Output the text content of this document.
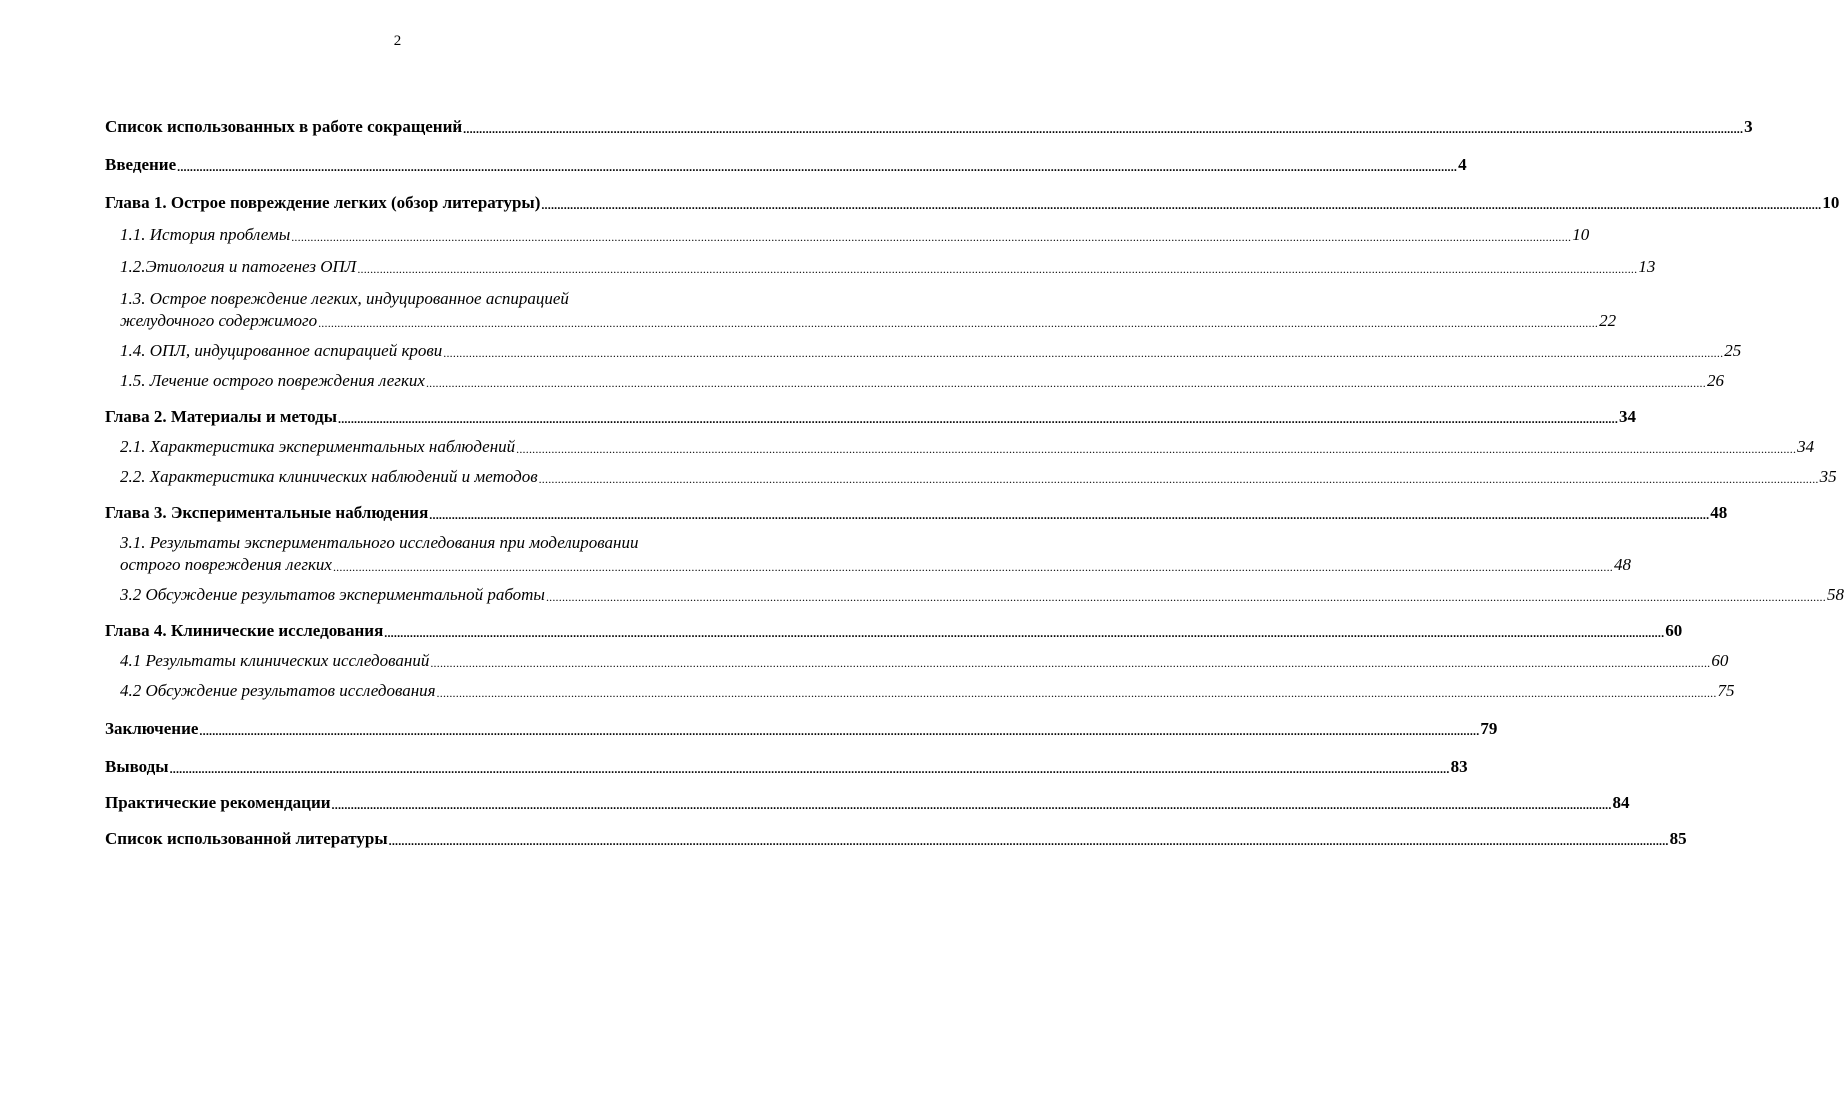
2
Список использованных в работе сокращений ................................................................................................................................................................................................................................................................................................................................................................................................................ 3
Введение ................................................................................................................................................................................................................................................................................................................................................................................................................ 4
Глава 1. Острое повреждение легких (обзор литературы) ................................................................................................................................................................................................................................................................................................................................................................................................................ 10
1.1. История проблемы ................................................................................................................................................................................................................................................................................................................................................................................................................ 10
1.2.Этиология и патогенез ОПЛ ................................................................................................................................................................................................................................................................................................................................................................................................................ 13
1.3. Острое повреждение легких, индуцированное аспирацией
желудочного содержимого ................................................................................................................................................................................................................................................................................................................................................................................................................ 22
1.4. ОПЛ, индуцированное аспирацией крови ................................................................................................................................................................................................................................................................................................................................................................................................................ 25
1.5. Лечение острого повреждения легких ................................................................................................................................................................................................................................................................................................................................................................................................................ 26
Глава 2. Материалы и методы ................................................................................................................................................................................................................................................................................................................................................................................................................ 34
2.1. Характеристика экспериментальных наблюдений ................................................................................................................................................................................................................................................................................................................................................................................................................ 34
2.2. Характеристика клинических наблюдений и методов ................................................................................................................................................................................................................................................................................................................................................................................................................ 35
Глава 3. Экспериментальные наблюдения ................................................................................................................................................................................................................................................................................................................................................................................................................ 48
3.1. Результаты экспериментального исследования при моделировании
острого повреждения легких ................................................................................................................................................................................................................................................................................................................................................................................................................ 48
3.2 Обсуждение результатов экспериментальной работы ................................................................................................................................................................................................................................................................................................................................................................................................................ 58
Глава 4. Клинические исследования ................................................................................................................................................................................................................................................................................................................................................................................................................ 60
4.1 Результаты клинических исследований ................................................................................................................................................................................................................................................................................................................................................................................................................ 60
4.2 Обсуждение результатов исследования ................................................................................................................................................................................................................................................................................................................................................................................................................ 75
Заключение ................................................................................................................................................................................................................................................................................................................................................................................................................ 79
Выводы ................................................................................................................................................................................................................................................................................................................................................................................................................ 83
Практические рекомендации ................................................................................................................................................................................................................................................................................................................................................................................................................ 84
Список использованной литературы ................................................................................................................................................................................................................................................................................................................................................................................................................ 85
